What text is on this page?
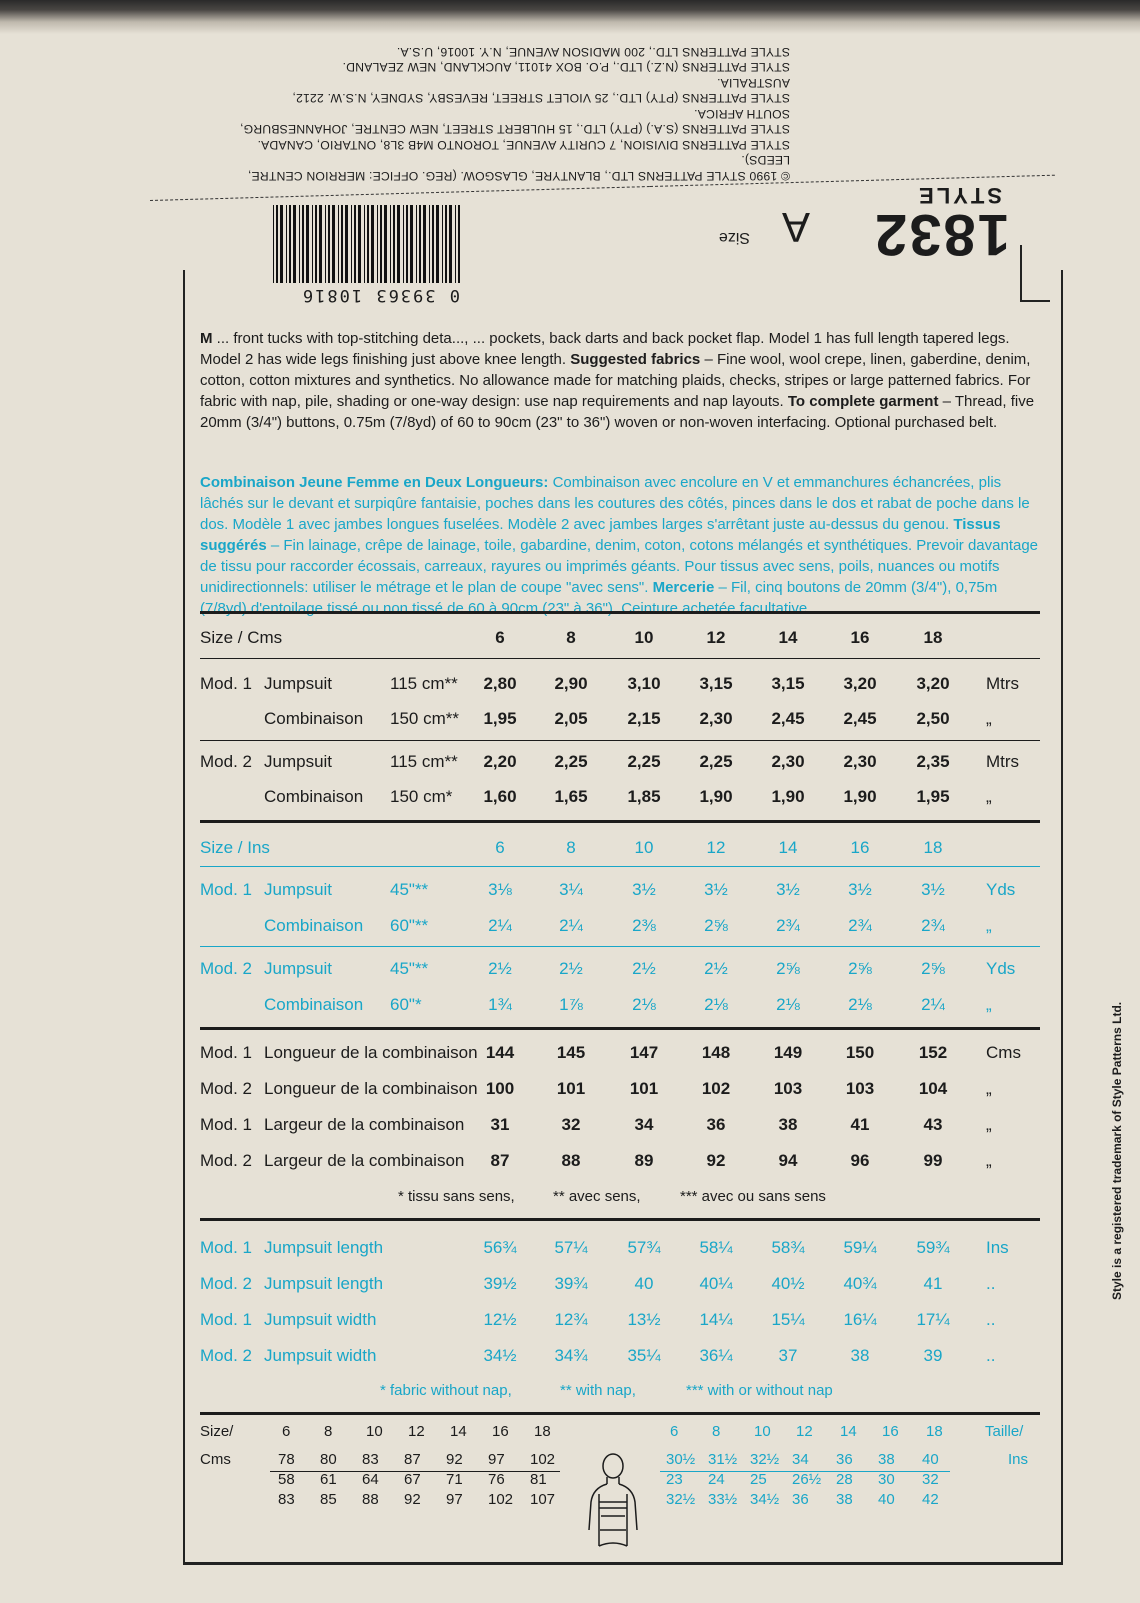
© 1990 STYLE PATTERNS LTD., BLANTYRE, GLASGOW. (REG. OFFICE: MERRION CENTRE, LEEDS).
STYLE PATTERNS DIVISION, 7 CURITY AVENUE, TORONTO M4B 3L8, ONTARIO, CANADA.
STYLE PATTERNS (S.A.) (PTY) LTD., 15 HULBERT STREET, NEW CENTRE, JOHANNESBURG, SOUTH AFRICA.
STYLE PATTERNS (PTY) LTD., 25 VIOLET STREET, REVESBY, SYDNEY, N.S.W. 2212, AUSTRALIA.
STYLE PATTERNS (N.Z.) LTD., P.O. BOX 41011, AUCKLAND, NEW ZEALAND.
STYLE PATTERNS LTD., 200 MADISON AVENUE, N.Y. 10016, U.S.A.
STYLE
1832
Size A
0 39363 10816
M ... front tucks with top-stitching deta..., ... pockets, back darts and back pocket flap. Model 1 has full length tapered legs. Model 2 has wide legs finishing just above knee length. Suggested fabrics – Fine wool, wool crepe, linen, gaberdine, denim, cotton, cotton mixtures and synthetics. No allowance made for matching plaids, checks, stripes or large patterned fabrics. For fabric with nap, pile, shading or one-way design: use nap requirements and nap layouts. To complete garment – Thread, five 20mm (3/4") buttons, 0.75m (7/8yd) of 60 to 90cm (23" to 36") woven or non-woven interfacing. Optional purchased belt.
Combinaison Jeune Femme en Deux Longueurs: Combinaison avec encolure en V et emmanchures échancrées, plis lâchés sur le devant et surpiqûre fantaisie, poches dans les coutures des côtés, pinces dans le dos et rabat de poche dans le dos. Modèle 1 avec jambes longues fuselées. Modèle 2 avec jambes larges s'arrêtant juste au-dessus du genou. Tissus suggérés – Fin lainage, crêpe de lainage, toile, gabardine, denim, coton, cotons mélangés et synthétiques. Prevoir davantage de tissu pour raccorder écossais, carreaux, rayures ou imprimés géants. Pour tissus avec sens, poils, nuances ou motifs unidirectionnels: utiliser le métrage et le plan de coupe "avec sens". Mercerie – Fil, cinq boutons de 20mm (3/4"), 0,75m (7/8yd) d'entoilage tissé ou non tissé de 60 à 90cm (23" à 36"). Ceinture achetée facultative.
Size / Cms	6	8	10	12	14	16	18
Mod. 1 Jumpsuit	115 cm**	2,80	2,90	3,10	3,15	3,15	3,20	3,20	Mtrs
Combinaison 150 cm**	1,95	2,05	2,15	2,30	2,45	2,45	2,50	„
Mod. 2 Jumpsuit	115 cm**	2,20	2,25	2,25	2,25	2,30	2,30	2,35	Mtrs
Combinaison 150 cm*	1,60	1,65	1,85	1,90	1,90	1,90	1,95	„
Size / Ins	6	8	10	12	14	16	18
Mod. 1 Jumpsuit	45"**	3⅛	3¼	3½	3½	3½	3½	3½	Yds
Combinaison 60"**	2¼	2¼	2⅜	2⅝	2¾	2¾	2¾	„
Mod. 2 Jumpsuit	45"**	2½	2½	2½	2½	2⅝	2⅝	2⅝	Yds
Combinaison 60"*	1¾	1⅞	2⅛	2⅛	2⅛	2⅛	2¼	„
Mod. 1 Longueur de la combinaison 144	145	147	148	149	150	152	Cms
Mod. 2 Longueur de la combinaison 100	101	101	102	103	103	104	„
Mod. 1 Largeur de la combinaison	31	32	34	36	38	41	43	„
Mod. 2 Largeur de la combinaison	87	88	89	92	94	96	99	„
* tissu sans sens,	** avec sens,	*** avec ou sans sens
Mod. 1 Jumpsuit length	56¾	57¼	57¾	58¼	58¾	59¼	59¾	Ins
Mod. 2 Jumpsuit length	39½	39¾	40	40¼	40½	40¾	41	..
Mod. 1 Jumpsuit width	12½	12¾	13½	14¼	15¼	16¼	17¼	..
Mod. 2 Jumpsuit width	34½	34¾	35¼	36¼	37	38	39	..
* fabric without nap,	** with nap,	*** with or without nap
Style is a registered trademark of Style Patterns Ltd.
Size/
Cms
6 8 10 12 14 16 18
78 80 83 87 92 97 102
58 61 64 67 71 76 81
83 85 88 92 97 102 107
Taille/
Ins
6 8 10 12 14 16 18
30½ 31½ 32½ 34 36 38 40
23 24 25 26½ 28 30 32
32½ 33½ 34½ 36 38 40 42
